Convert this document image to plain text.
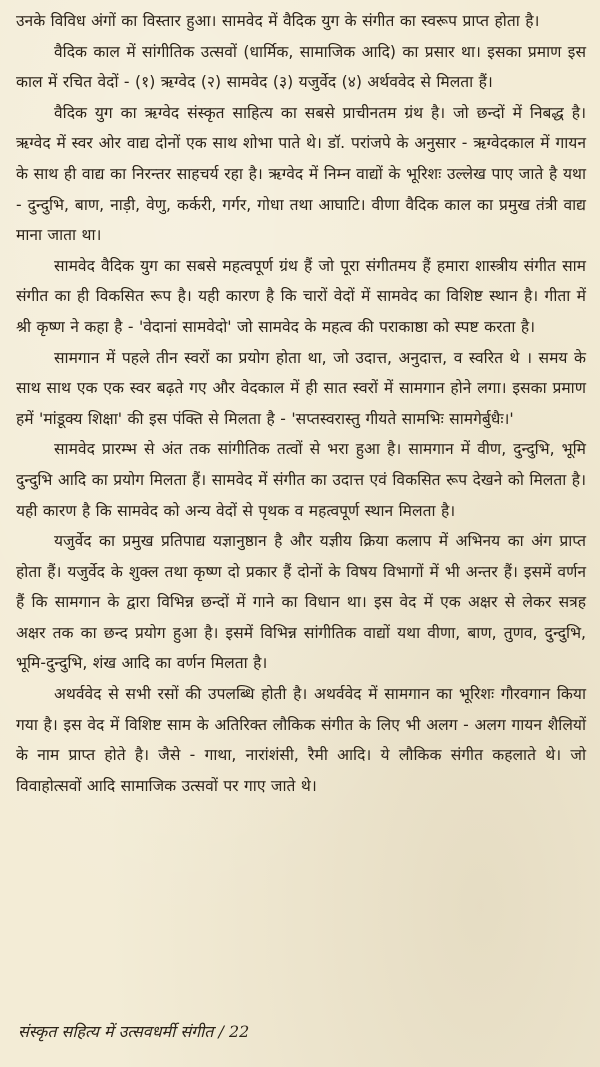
उनके विविध अंगों का विस्तार हुआ। सामवेद में वैदिक युग के संगीत का स्वरूप प्राप्त होता है।

वैदिक काल में सांगीतिक उत्सवों (धार्मिक, सामाजिक आदि) का प्रसार था। इसका प्रमाण इस काल में रचित वेदों - (१) ऋग्वेद (२) सामवेद (३) यजुर्वेद (४) अर्थववेद से मिलता हैं।

वैदिक युग का ऋग्वेद संस्कृत साहित्य का सबसे प्राचीनतम ग्रंथ है। जो छन्दों में निबद्ध है। ऋग्वेद में स्वर ओर वाद्य दोनों एक साथ शोभा पाते थे। डॉ. परांजपे के अनुसार - ऋग्वेदकाल में गायन के साथ ही वाद्य का निरन्तर साहचर्य रहा है। ऋग्वेद में निम्न वाद्यों के भूरिशः उल्लेख पाए जाते है यथा - दुन्दुभि, बाण, नाड़ी, वेणु, कर्करी, गर्गर, गोधा तथा आघाटि। वीणा वैदिक काल का प्रमुख तंत्री वाद्य माना जाता था।

सामवेद वैदिक युग का सबसे महत्वपूर्ण ग्रंथ हैं जो पूरा संगीतमय हैं हमारा शास्त्रीय संगीत साम संगीत का ही विकसित रूप है। यही कारण है कि चारों वेदों में सामवेद का विशिष्ट स्थान है। गीता में श्री कृष्ण ने कहा है - 'वेदानां सामवेदो' जो सामवेद के महत्व की पराकाष्ठा को स्पष्ट करता है।

सामगान में पहले तीन स्वरों का प्रयोग होता था, जो उदात्त, अनुदात्त, व स्वरित थे । समय के साथ साथ एक एक स्वर बढ़ते गए और वेदकाल में ही सात स्वरों में सामगान होने लगा। इसका प्रमाण हमें 'मांडूक्य शिक्षा' की इस पंक्ति से मिलता है - 'सप्तस्वरास्तु गीयते सामभिः सामगेर्बुधैः।'

सामवेद प्रारम्भ से अंत तक सांगीतिक तत्वों से भरा हुआ है। सामगान में वीण, दुन्दुभि, भूमि दुन्दुभि आदि का प्रयोग मिलता हैं। सामवेद में संगीत का उदात्त एवं विकसित रूप देखने को मिलता है। यही कारण है कि सामवेद को अन्य वेदों से पृथक व महत्वपूर्ण स्थान मिलता है।

यजुर्वेद का प्रमुख प्रतिपाद्य यज्ञानुष्ठान है और यज्ञीय क्रिया कलाप में अभिनय का अंग प्राप्त होता हैं। यजुर्वेद के शुक्ल तथा कृष्ण दो प्रकार हैं दोनों के विषय विभागों में भी अन्तर हैं। इसमें वर्णन हैं कि सामगान के द्वारा विभिन्न छन्दों में गाने का विधान था। इस वेद में एक अक्षर से लेकर सत्रह अक्षर तक का छन्द प्रयोग हुआ है। इसमें विभिन्न सांगीतिक वाद्यों यथा वीणा, बाण, तुणव, दुन्दुभि, भूमि-दुन्दुभि, शंख आदि का वर्णन मिलता है।

अथर्ववेद से सभी रसों की उपलब्धि होती है। अथर्ववेद में सामगान का भूरिशः गौरवगान किया गया है। इस वेद में विशिष्ट साम के अतिरिक्त लौकिक संगीत के लिए भी अलग - अलग गायन शैलियों के नाम प्राप्त होते है। जैसे - गाथा, नारांशंसी, रैमी आदि। ये लौकिक संगीत कहलाते थे। जो विवाहोत्सवों आदि सामाजिक उत्सवों पर गाए जाते थे।

संस्कृत सहित्य में उत्सवधर्मी संगीत / 22
